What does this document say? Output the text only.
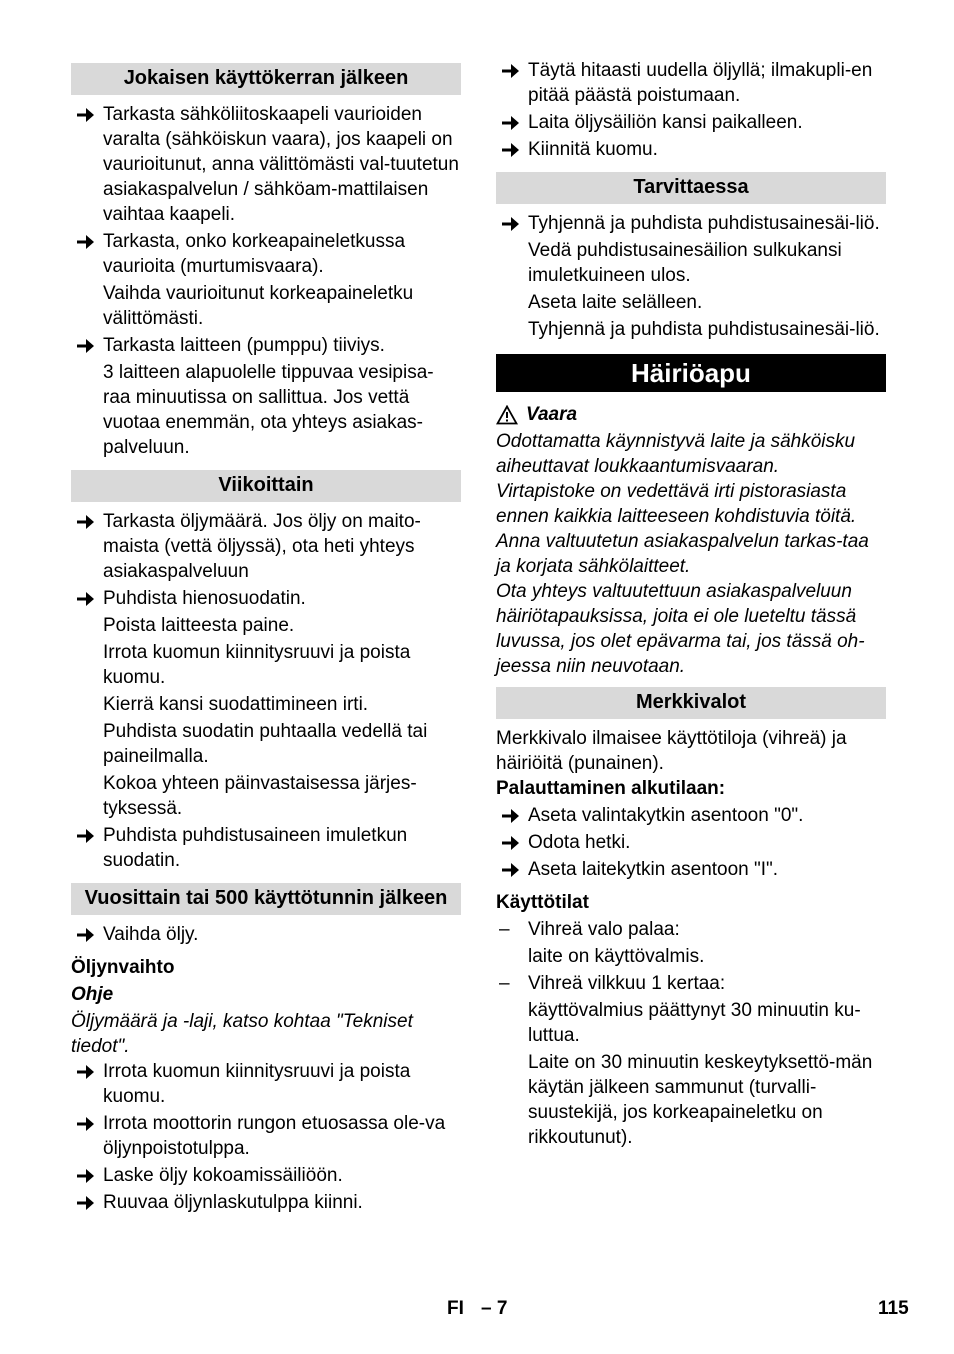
Jokaisen käyttökerran jälkeen
Tarkasta sähköliitoskaapeli vaurioiden varalta (sähköiskun vaara), jos kaapeli on vaurioitunut, anna välittömästi val-tuutetun asiakaspalvelun / sähköam-mattilaisen vaihtaa kaapeli.
Tarkasta, onko korkeapaineletkussa vaurioita (murtumisvaara).
Vaihda vaurioitunut korkeapaineletku välittömästi.
Tarkasta laitteen (pumppu) tiiviys.
3 laitteen alapuolelle tippuvaa vesipisa-raa minuutissa on sallittua. Jos vettä vuotaa enemmän, ota yhteys asiakas-palveluun.
Viikoittain
Tarkasta öljymäärä. Jos öljy on maito-maista (vettä öljyssä), ota heti yhteys asiakaspalveluun
Puhdista hienosuodatin.
Poista laitteesta paine.
Irrota kuomun kiinnitysruuvi ja poista kuomu.
Kierrä kansi suodattimineen irti.
Puhdista suodatin puhtaalla vedellä tai paineilmalla.
Kokoa yhteen päinvastaisessa järjes-tyksessä.
Puhdista puhdistusaineen imuletkun suodatin.
Vuosittain tai 500 käyttötunnin jälkeen
Vaihda öljy.
Öljynvaihto
Ohje
Öljymäärä ja -laji, katso kohtaa "Tekniset tiedot".
Irrota kuomun kiinnitysruuvi ja poista kuomu.
Irrota moottorin rungon etuosassa ole-va öljynpoistotulppa.
Laske öljy kokoamissäiliöön.
Ruuvaa öljynlaskutulppa kiinni.
Täytä hitaasti uudella öljyllä; ilmakupli-en pitää päästä poistumaan.
Laita öljysäiliön kansi paikalleen.
Kiinnitä kuomu.
Tarvittaessa
Tyhjennä ja puhdista puhdistusainesäi-liö.
Vedä puhdistusainesäilion sulkukansi imuletkuineen ulos.
Aseta laite selälleen.
Tyhjennä ja puhdista puhdistusainesäi-liö.
Häiriöapu
Vaara
Odottamatta käynnistyvä laite ja sähköisku aiheuttavat loukkaantumisvaaran.
Virtapistoke on vedettävä irti pistorasiasta ennen kaikkia laitteeseen kohdistuvia töitä.
Anna valtuutetun asiakaspalvelun tarkas-taa ja korjata sähkölaitteet.
Ota yhteys valtuutettuun asiakaspalveluun häiriötapauksissa, joita ei ole lueteltu tässä luvussa, jos olet epävarma tai, jos tässä oh-jeessa niin neuvotaan.
Merkkivalot
Merkkivalo ilmaisee käyttötiloja (vihreä) ja häiriöitä (punainen).
Palauttaminen alkutilaan:
Aseta valintakytkin asentoon "0".
Odota hetki.
Aseta laitekytkin asentoon "I".
Käyttötilat
– Vihreä valo palaa:
laite on käyttövalmis.
– Vihreä vilkkuu 1 kertaa:
käyttövalmius päättynyt 30 minuutin ku-luttua.
Laite on 30 minuutin keskeytyksettö-män käytän jälkeen sammunut (turvalli-suustekijä, jos korkeapaineletku on rikkoutunut).
FI – 7	115
